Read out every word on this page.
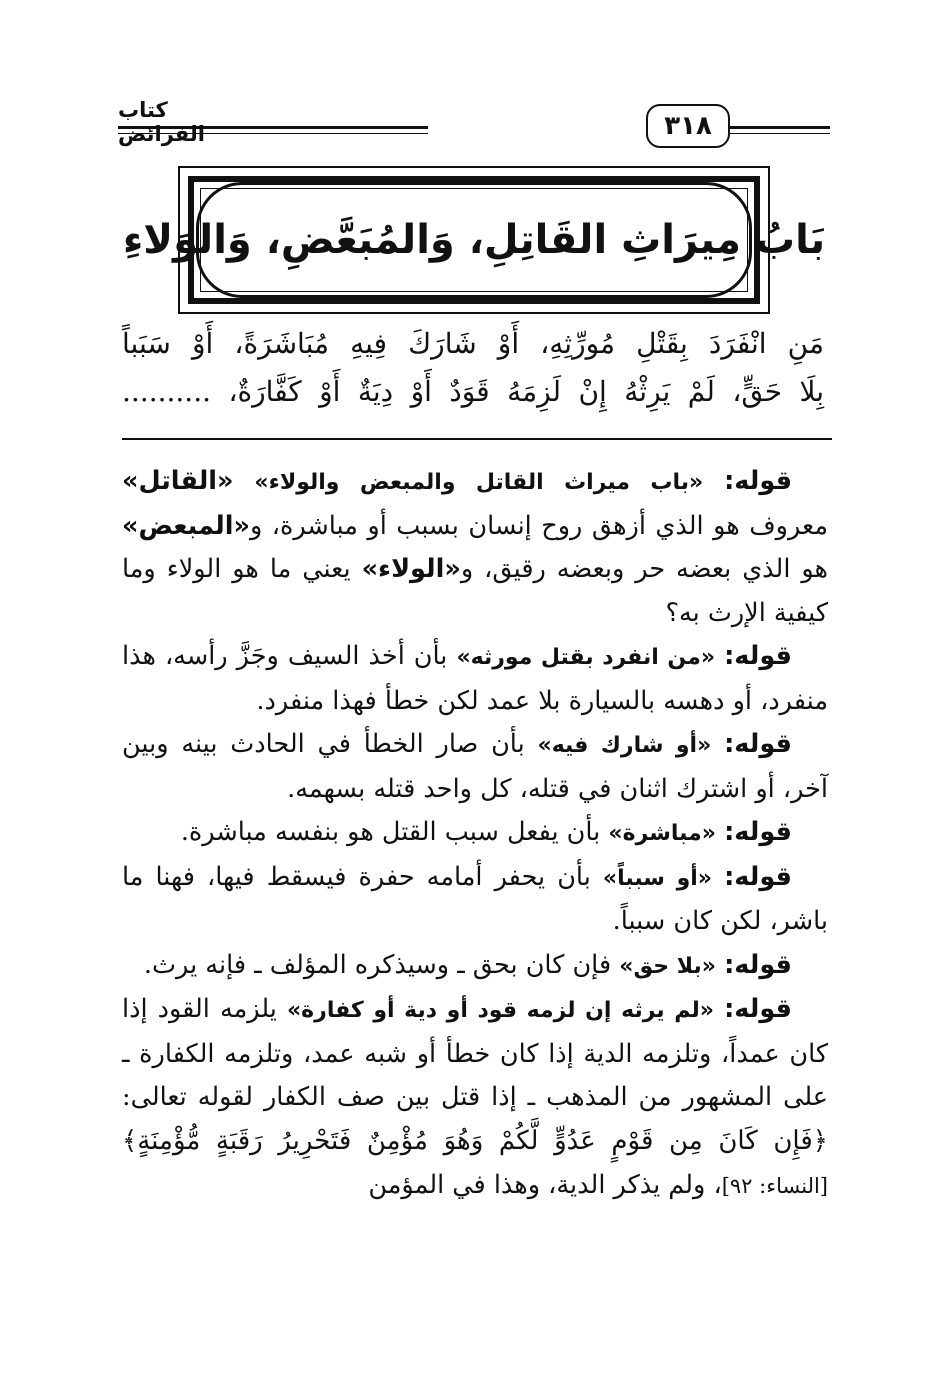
٣١٨
كتاب الفرائض
بَابُ مِيرَاثِ القَاتِلِ، وَالمُبَعَّضِ، وَالوَلاءِ
مَنِ انْفَرَدَ بِقَتْلِ مُورِّثِهِ، أَوْ شَارَكَ فِيهِ مُبَاشَرَةً، أَوْ سَبَباً
بِلَا حَقٍّ، لَمْ يَرِثْهُ إِنْ لَزِمَهُ قَوَدٌ أَوْ دِيَةٌ أَوْ كَفَّارَةٌ، ..........

قوله: «باب ميراث القاتل والمبعض والولاء» «القاتل» معروف هو الذي أزهق روح إنسان بسبب أو مباشرة، و«المبعض» هو الذي بعضه حر وبعضه رقيق، و«الولاء» يعني ما هو الولاء وما كيفية الإرث به؟

قوله: «من انفرد بقتل مورثه» بأن أخذ السيف وجَزَّ رأسه، هذا منفرد، أو دهسه بالسيارة بلا عمد لكن خطأ فهذا منفرد.

قوله: «أو شارك فيه» بأن صار الخطأ في الحادث بينه وبين آخر، أو اشترك اثنان في قتله، كل واحد قتله بسهمه.

قوله: «مباشرة» بأن يفعل سبب القتل هو بنفسه مباشرة.

قوله: «أو سبباً» بأن يحفر أمامه حفرة فيسقط فيها، فهنا ما باشر، لكن كان سبباً.

قوله: «بلا حق» فإن كان بحق ـ وسيذكره المؤلف ـ فإنه يرث.

قوله: «لم يرثه إن لزمه قود أو دية أو كفارة» يلزمه القود إذا كان عمداً، وتلزمه الدية إذا كان خطأ أو شبه عمد، وتلزمه الكفارة ـ على المشهور من المذهب ـ إذا قتل بين صف الكفار لقوله تعالى: ﴿فَإِن كَانَ مِن قَوْمٍ عَدُوٍّ لَّكُمْ وَهُوَ مُؤْمِنٌ فَتَحْرِيرُ رَقَبَةٍ مُّؤْمِنَةٍ﴾ [النساء: ٩٢]، ولم يذكر الدية، وهذا في المؤمن
